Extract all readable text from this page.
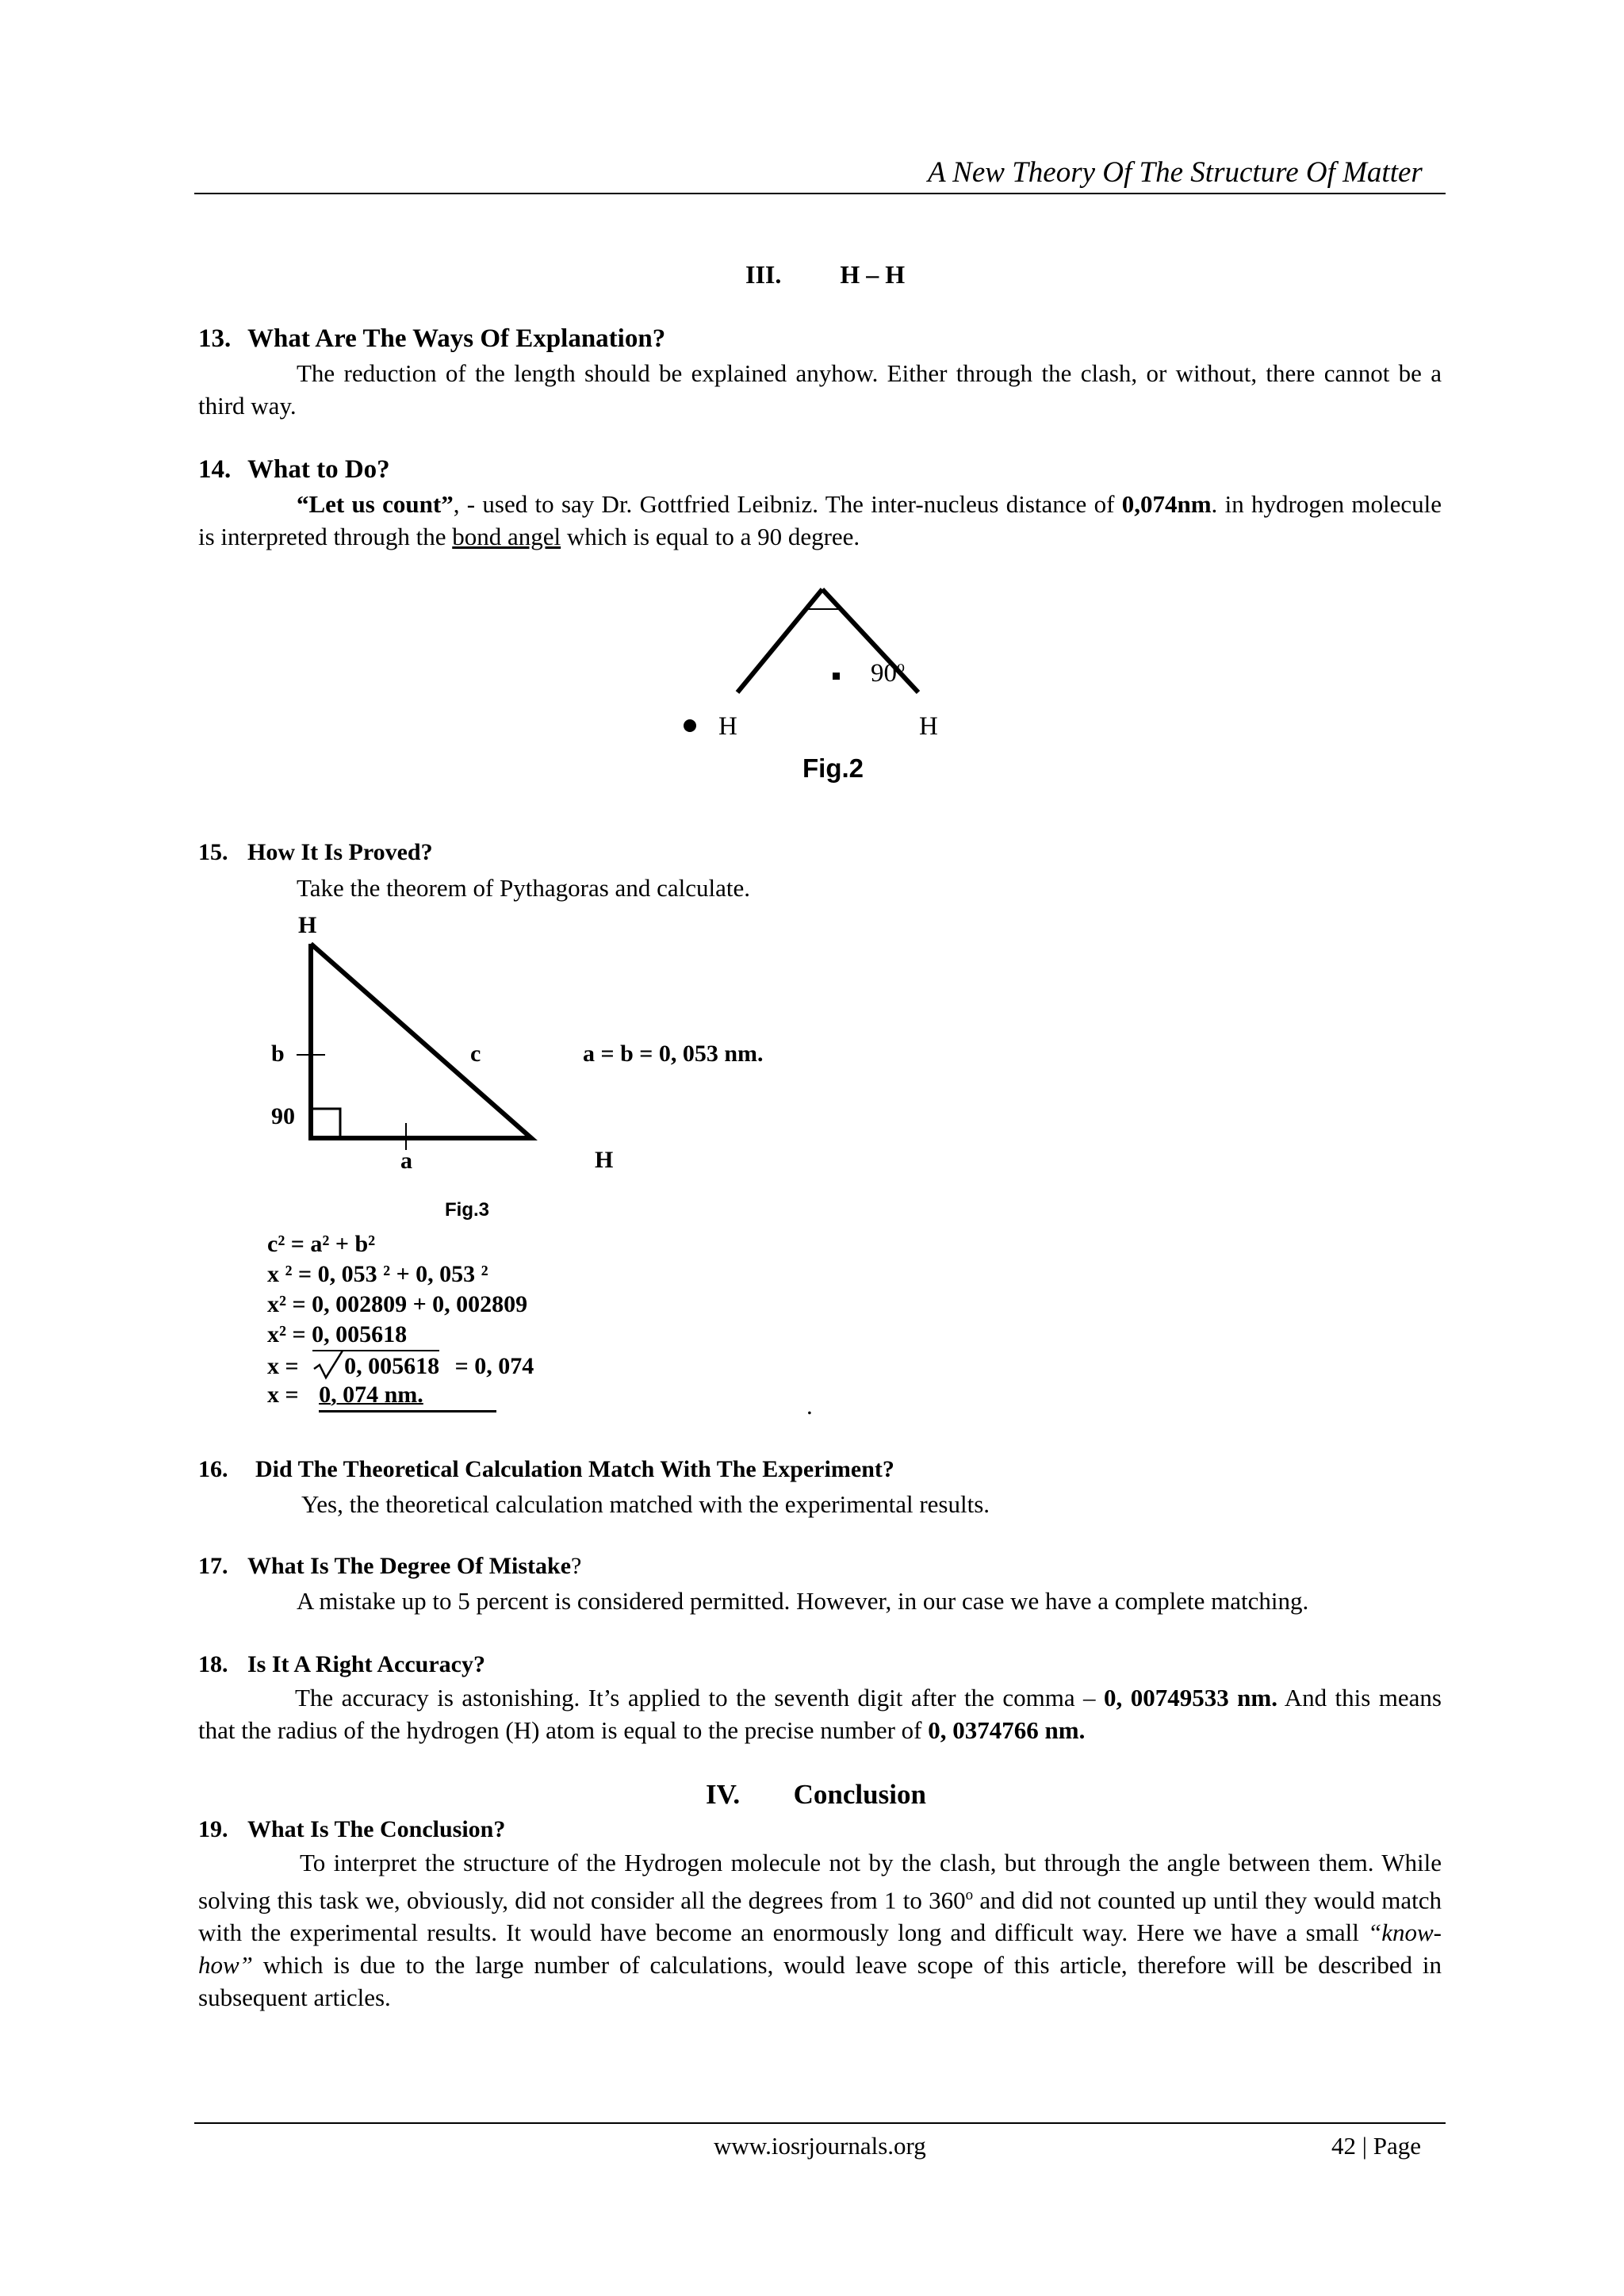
A New Theory Of The Structure Of Matter
III. H – H
13. What Are The Ways Of Explanation?
The reduction of the length should be explained anyhow. Either through the clash, or without, there cannot be a third way.
14. What to Do?
“Let us count”, - used to say Dr. Gottfried Leibniz. The inter-nucleus distance of 0,074nm. in hydrogen molecule is interpreted through the bond angel which is equal to a 90 degree.
90$^o$
H	H
Fig.2
15. How It Is Proved?
Take the theorem of Pythagoras and calculate.
H
b	c
90
a	H
a = b = 0, 053 nm.
Fig.3
c² = a² + b²
x ² = 0, 053 ² + 0, 053 ²
x² = 0, 002809 + 0, 002809
x² = 0, 005618
x = 0, 005618 = 0, 074
x = 0, 074 nm.	.
16. Did The Theoretical Calculation Match With The Experiment?
Yes, the theoretical calculation matched with the experimental results.
17. What Is The Degree Of Mistake?
A mistake up to 5 percent is considered permitted. However, in our case we have a complete matching.
18. Is It A Right Accuracy?
The accuracy is astonishing. It’s applied to the seventh digit after the comma – 0, 00749533 nm. And this means that the radius of the hydrogen (H) atom is equal to the precise number of 0, 0374766 nm.
IV. Conclusion
19. What Is The Conclusion?
To interpret the structure of the Hydrogen molecule not by the clash, but through the angle between them. While solving this task we, obviously, did not consider all the degrees from 1 to 360$^o$ and did not counted up until they would match with the experimental results. It would have become an enormously long and difficult way. Here we have a small “know-how” which is due to the large number of calculations, would leave scope of this article, therefore will be described in subsequent articles.
www.iosrjournals.org	42 | Page
